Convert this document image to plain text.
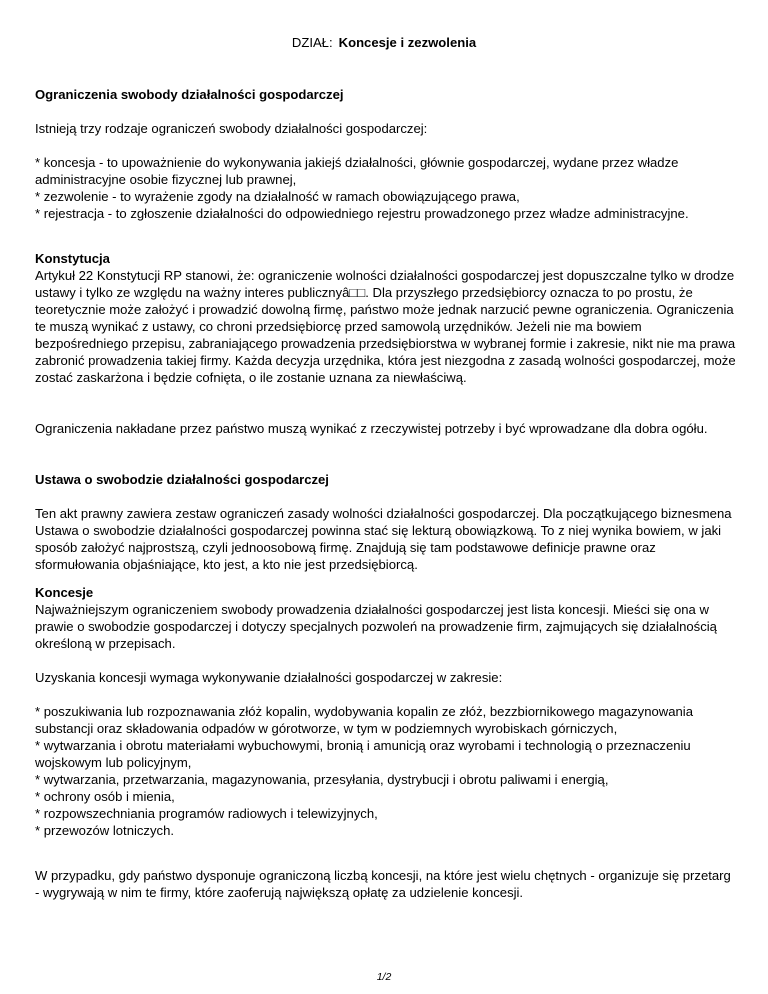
DZIAŁ: Koncesje i zezwolenia

Ograniczenia swobody działalności gospodarczej

Istnieją trzy rodzaje ograniczeń swobody działalności gospodarczej:

* koncesja - to upoważnienie do wykonywania jakiejś działalności, głównie gospodarczej, wydane przez władze administracyjne osobie fizycznej lub prawnej,

* zezwolenie - to wyrażenie zgody na działalność w ramach obowiązującego prawa,

* rejestracja - to zgłoszenie działalności do odpowiedniego rejestru prowadzonego przez władze administracyjne.

Konstytucja

Artykuł 22 Konstytucji RP stanowi, że: ograniczenie wolności działalności gospodarczej jest dopuszczalne tylko w drodze ustawy i tylko ze względu na ważny interes publicznyâ□□. Dla przyszłego przedsiębiorcy oznacza to po prostu, że teoretycznie może założyć i prowadzić dowolną firmę, państwo może jednak narzucić pewne ograniczenia. Ograniczenia te muszą wynikać z ustawy, co chroni przedsiębiorcę przed samowolą urzędników. Jeżeli nie ma bowiem bezpośredniego przepisu, zabraniającego prowadzenia przedsiębiorstwa w wybranej formie i zakresie, nikt nie ma prawa zabronić prowadzenia takiej firmy. Każda decyzja urzędnika, która jest niezgodna z zasadą wolności gospodarczej, może zostać zaskarżona i będzie cofnięta, o ile zostanie uznana za niewłaściwą.

Ograniczenia nakładane przez państwo muszą wynikać z rzeczywistej potrzeby i być wprowadzane dla dobra ogółu.

Ustawa o swobodzie działalności gospodarczej

Ten akt prawny zawiera zestaw ograniczeń zasady wolności działalności gospodarczej. Dla początkującego biznesmena Ustawa o swobodzie działalności gospodarczej powinna stać się lekturą obowiązkową. To z niej wynika bowiem, w jaki sposób założyć najprostszą, czyli jednoosobową firmę. Znajdują się tam podstawowe definicje prawne oraz sformułowania objaśniające, kto jest, a kto nie jest przedsiębiorcą.

Koncesje

Najważniejszym ograniczeniem swobody prowadzenia działalności gospodarczej jest lista koncesji. Mieści się ona w prawie o swobodzie gospodarczej i dotyczy specjalnych pozwoleń na prowadzenie firm, zajmujących się działalnością określoną w przepisach.

Uzyskania koncesji wymaga wykonywanie działalności gospodarczej w zakresie:

* poszukiwania lub rozpoznawania złóż kopalin, wydobywania kopalin ze złóż, bezzbiornikowego magazynowania substancji oraz składowania odpadów w górotworze, w tym w podziemnych wyrobiskach górniczych,

* wytwarzania i obrotu materiałami wybuchowymi, bronią i amunicją oraz wyrobami i technologią o przeznaczeniu wojskowym lub policyjnym,

* wytwarzania, przetwarzania, magazynowania, przesyłania, dystrybucji i obrotu paliwami i energią,

* ochrony osób i mienia,

* rozpowszechniania programów radiowych i telewizyjnych,

* przewozów lotniczych.

W przypadku, gdy państwo dysponuje ograniczoną liczbą koncesji, na które jest wielu chętnych - organizuje się przetarg - wygrywają w nim te firmy, które zaoferują największą opłatę za udzielenie koncesji.

1/2
